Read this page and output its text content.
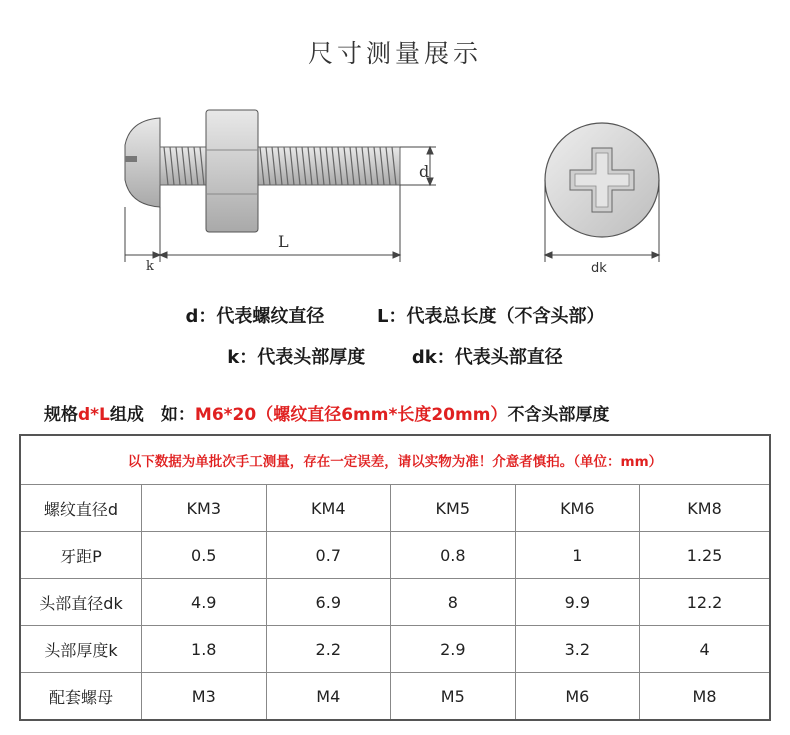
尺寸测量展示
d
L
k	dk
d：代表螺纹直径	L：代表总长度（不含头部）
k：代表头部厚度	dk：代表头部直径
规格d*L组成　如：M6*20（螺纹直径6mm*长度20mm）不含头部厚度
以下数据为单批次手工测量，存在一定误差，请以实物为准！介意者慎拍。（单位：mm）					
螺纹直径d	KM3	KM4	KM5	KM6	KM8
牙距P	0.5	0.7	0.8	1	1.25
头部直径dk	4.9	6.9	8	9.9	12.2
头部厚度k	1.8	2.2	2.9	3.2	4
配套螺母	M3	M4	M5	M6	M8
